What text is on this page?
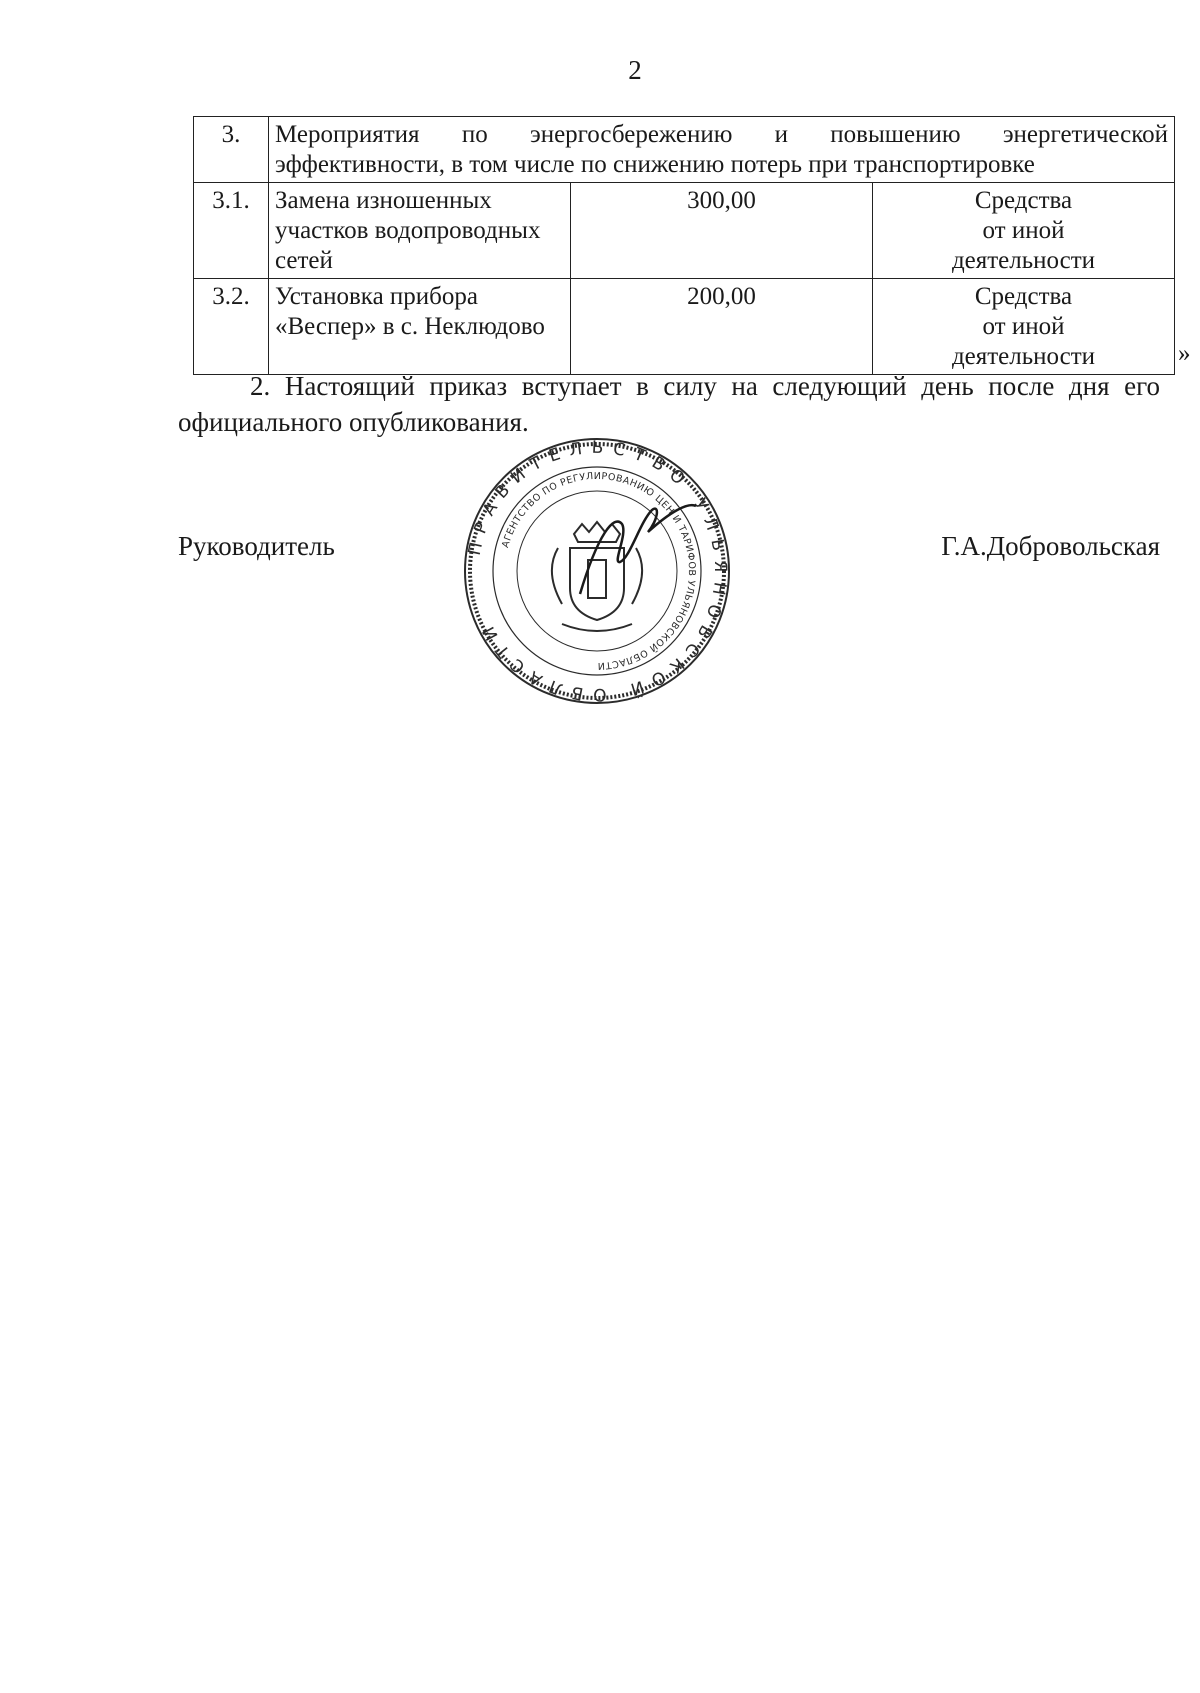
2
3.	Мероприятия по энергосбережению и повышению энергетической
эффективности, в том числе по снижению потерь при транспортировке		
3.1.	Замена изношенных участков водопроводных сетей	300,00	Средства
от иной
деятельности

3.2.	Установка прибора «Веспер» в с. Неклюдово	200,00	Средства
от иной
деятельности	»
2. Настоящий приказ вступает в силу на следующий день после дня его официального опубликования.
Руководитель	Г.А.Добровольская
ПРАВИТЕЛЬСТВО УЛЬЯНОВСКОЙ ОБЛАСТИ
АГЕНТСТВО ПО РЕГУЛИРОВАНИЮ ЦЕН И ТАРИФОВ УЛЬЯНОВСКОЙ ОБЛАСТИ
